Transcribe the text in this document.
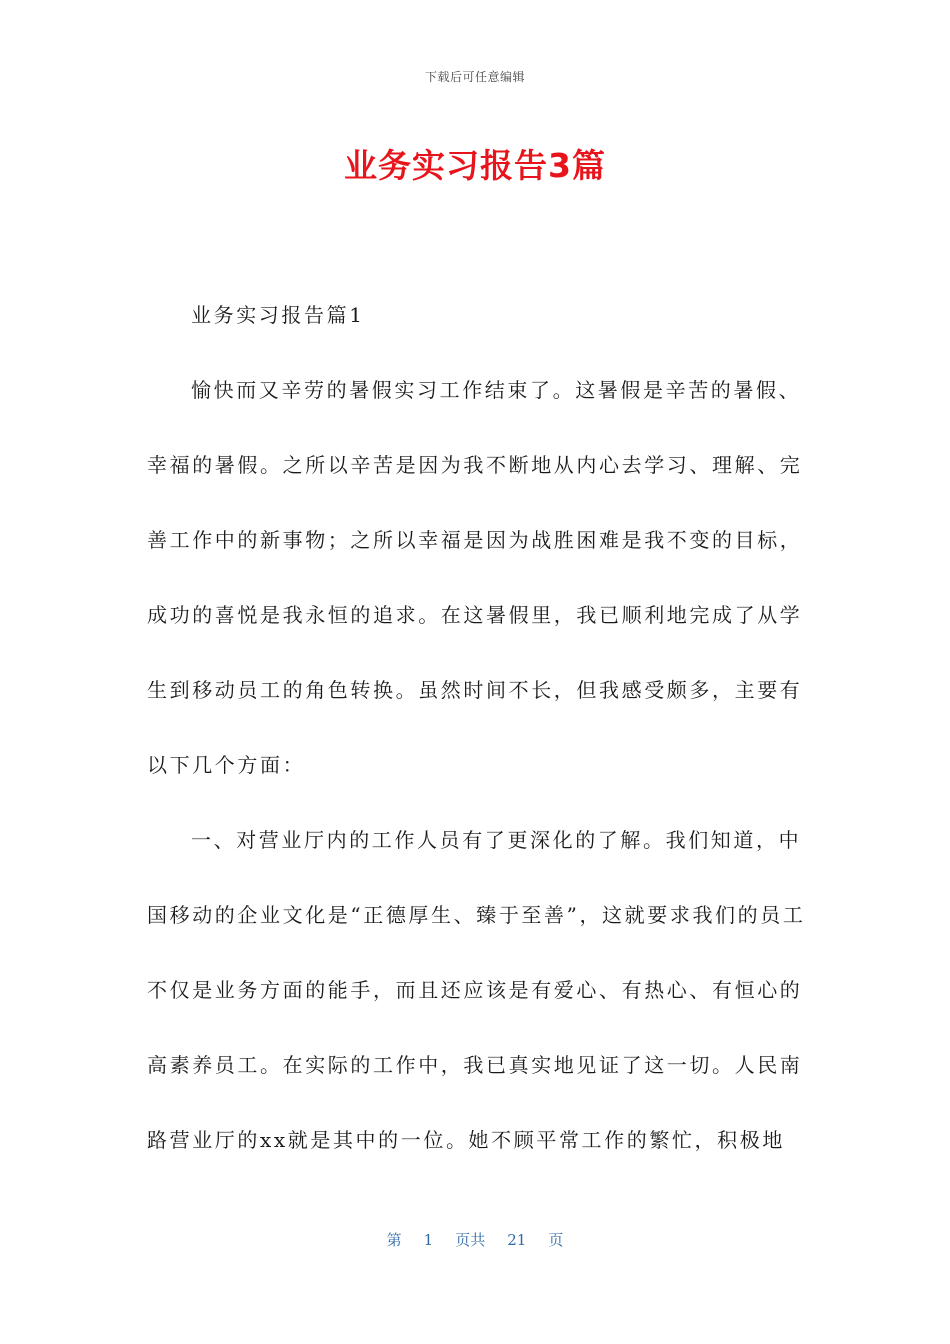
下载后可任意编辑
业务实习报告3篇

业务实习报告篇1

愉快而又辛劳的暑假实习工作结束了。这暑假是辛苦的暑假、幸福的暑假。之所以辛苦是因为我不断地从内心去学习、理解、完善工作中的新事物；之所以幸福是因为战胜困难是我不变的目标，成功的喜悦是我永恒的追求。在这暑假里，我已顺利地完成了从学生到移动员工的角色转换。虽然时间不长，但我感受颇多，主要有以下几个方面：

一、对营业厅内的工作人员有了更深化的了解。我们知道，中国移动的企业文化是“正德厚生、臻于至善”，这就要求我们的员工不仅是业务方面的能手，而且还应该是有爱心、有热心、有恒心的高素养员工。在实际的工作中，我已真实地见证了这一切。人民南路营业厅的xx就是其中的一位。她不顾平常工作的繁忙，积极地

第 1 页共 21 页
